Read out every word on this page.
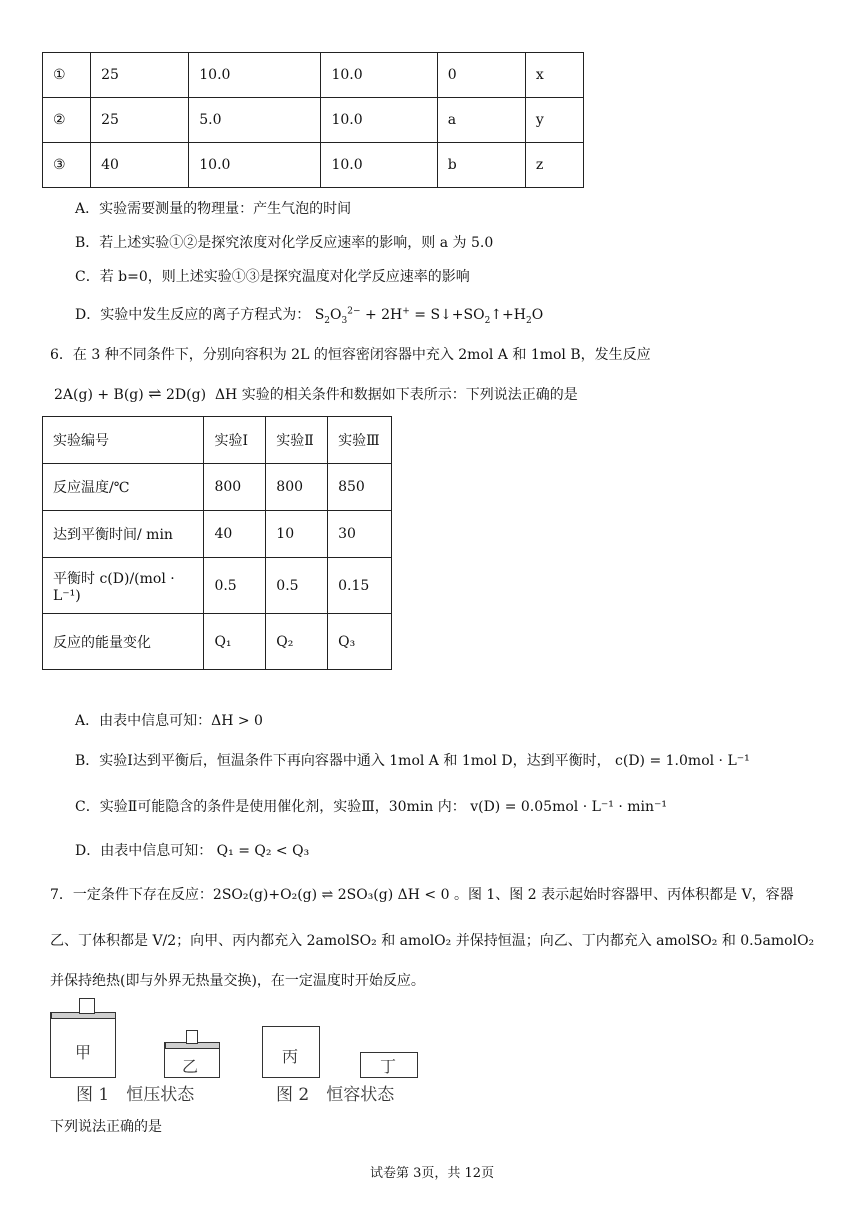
①	25	10.0	10.0	0	x
②	25	5.0	10.0	a	y
③	40	10.0	10.0	b	z
A．实验需要测量的物理量：产生气泡的时间
B．若上述实验①②是探究浓度对化学反应速率的影响，则 a 为 5.0
C．若 b=0，则上述实验①③是探究温度对化学反应速率的影响
D．实验中发生反应的离子方程式为： $S_2O_3^{2-} + 2H^+$ = $S↓+SO_2↑+H_2O$
6．在 3 种不同条件下，分别向容积为 2L 的恒容密闭容器中充入 2mol A 和 1mol B，发生反应
2A(g) + B(g) ⇌ 2D(g)  ΔH 实验的相关条件和数据如下表所示：下列说法正确的是
实验编号	实验Ⅰ	实验Ⅱ	实验Ⅲ
反应温度/℃	800	800	850
达到平衡时间/ min	40	10	30
平衡时 c(D)/(mol · L⁻¹)	0.5	0.5	0.15
反应的能量变化	Q₁	Q₂	Q₃
A．由表中信息可知：ΔH > 0
B．实验Ⅰ达到平衡后，恒温条件下再向容器中通入 1mol A 和 1mol D，达到平衡时， c(D) = 1.0mol · L⁻¹
C．实验Ⅱ可能隐含的条件是使用催化剂，实验Ⅲ，30min 内： v(D) = 0.05mol · L⁻¹ · min⁻¹
D．由表中信息可知： Q₁ = Q₂ < Q₃
7．一定条件下存在反应：2SO₂(g)+O₂(g) ⇌ 2SO₃(g) ΔH < 0 。图 1、图 2 表示起始时容器甲、丙体积都是 V，容器
乙、丁体积都是 V/2；向甲、丙内都充入 2amolSO₂ 和 amolO₂ 并保持恒温；向乙、丁内都充入 amolSO₂ 和 0.5amolO₂
并保持绝热(即与外界无热量交换)，在一定温度时开始反应。
甲
乙
图 1　恒压状态
丙
丁
图 2　恒容状态
下列说法正确的是
试卷第 3页，共 12页
